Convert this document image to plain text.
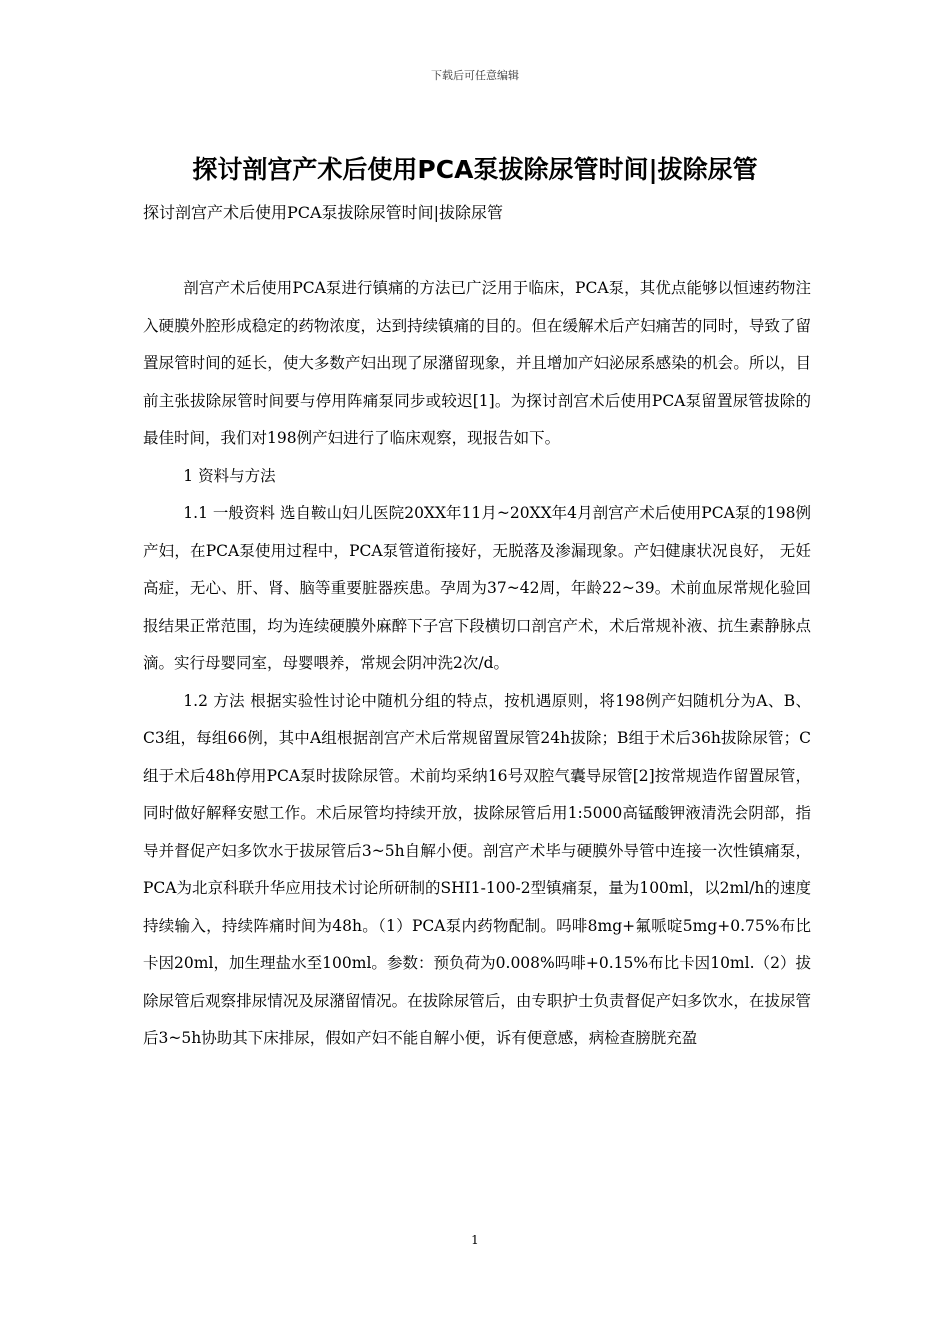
下载后可任意编辑
探讨剖宫产术后使用PCA泵拔除尿管时间|拔除尿管
探讨剖宫产术后使用PCA泵拔除尿管时间|拔除尿管

剖宫产术后使用PCA泵进行镇痛的方法已广泛用于临床，PCA泵，其优点能够以恒速药物注入硬膜外腔形成稳定的药物浓度，达到持续镇痛的目的。但在缓解术后产妇痛苦的同时，导致了留置尿管时间的延长，使大多数产妇出现了尿潴留现象，并且增加产妇泌尿系感染的机会。所以，目前主张拔除尿管时间要与停用阵痛泵同步或较迟[1]。为探讨剖宫术后使用PCA泵留置尿管拔除的最佳时间，我们对198例产妇进行了临床观察，现报告如下。

1 资料与方法

1.1 一般资料 选自鞍山妇儿医院20XX年11月~20XX年4月剖宫产术后使用PCA泵的198例产妇，在PCA泵使用过程中，PCA泵管道衔接好，无脱落及渗漏现象。产妇健康状况良好， 无妊高症，无心、肝、肾、脑等重要脏器疾患。孕周为37~42周，年龄22~39。术前血尿常规化验回报结果正常范围，均为连续硬膜外麻醉下子宫下段横切口剖宫产术，术后常规补液、抗生素静脉点滴。实行母婴同室，母婴喂养，常规会阴冲洗2次/d。

1.2 方法 根据实验性讨论中随机分组的特点，按机遇原则，将198例产妇随机分为A、B、C3组，每组66例，其中A组根据剖宫产术后常规留置尿管24h拔除；B组于术后36h拔除尿管；C组于术后48h停用PCA泵时拔除尿管。术前均采纳16号双腔气囊导尿管[2]按常规造作留置尿管，同时做好解释安慰工作。术后尿管均持续开放，拔除尿管后用1:5000高锰酸钾液清洗会阴部，指导并督促产妇多饮水于拔尿管后3~5h自解小便。剖宫产术毕与硬膜外导管中连接一次性镇痛泵，PCA为北京科联升华应用技术讨论所研制的SHI1-100-2型镇痛泵，量为100ml，以2ml/h的速度持续输入，持续阵痛时间为48h。（1）PCA泵内药物配制。吗啡8mg+氟哌啶5mg+0.75%布比卡因20ml，加生理盐水至100ml。参数：预负荷为0.008%吗啡+0.15%布比卡因10ml.（2）拔除尿管后观察排尿情况及尿潴留情况。在拔除尿管后，由专职护士负责督促产妇多饮水，在拔尿管后3~5h协助其下床排尿，假如产妇不能自解小便，诉有便意感，病检查膀胱充盈

1
